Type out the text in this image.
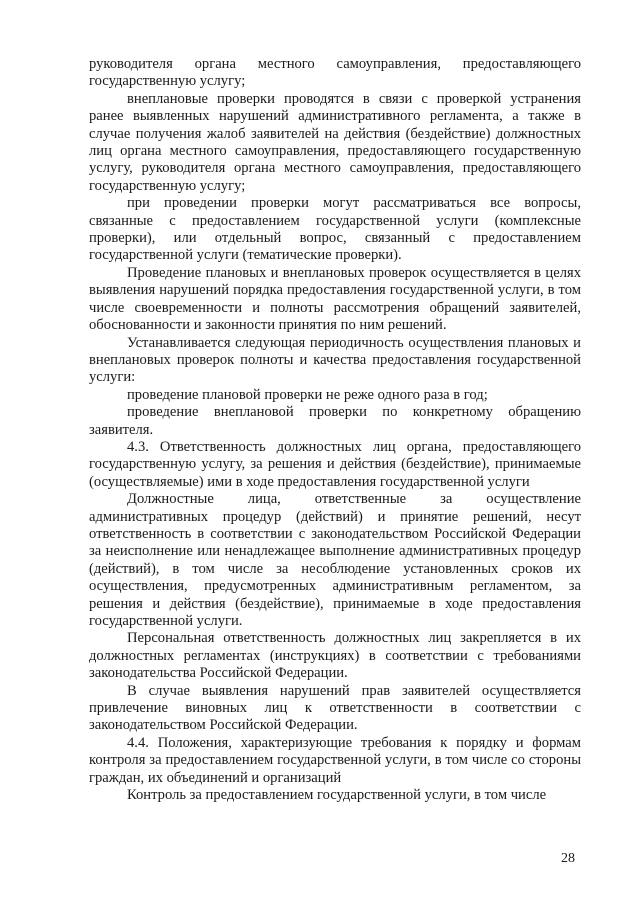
руководителя органа местного самоуправления, предоставляющего государственную услугу;

внеплановые проверки проводятся в связи с проверкой устранения ранее выявленных нарушений административного регламента, а также в случае получения жалоб заявителей на действия (бездействие) должностных лиц органа местного самоуправления, предоставляющего государственную услугу, руководителя органа местного самоуправления, предоставляющего государственную услугу;

при проведении проверки могут рассматриваться все вопросы, связанные с предоставлением государственной услуги (комплексные проверки), или отдельный вопрос, связанный с предоставлением государственной услуги (тематические проверки).

Проведение плановых и внеплановых проверок осуществляется в целях выявления нарушений порядка предоставления государственной услуги, в том числе своевременности и полноты рассмотрения обращений заявителей, обоснованности и законности принятия по ним решений.

Устанавливается следующая периодичность осуществления плановых и внеплановых проверок полноты и качества предоставления государственной услуги:

проведение плановой проверки не реже одного раза в год;

проведение внеплановой проверки по конкретному обращению заявителя.

4.3. Ответственность должностных лиц органа, предоставляющего государственную услугу, за решения и действия (бездействие), принимаемые (осуществляемые) ими в ходе предоставления государственной услуги

Должностные лица, ответственные за осуществление административных процедур (действий) и принятие решений, несут ответственность в соответствии с законодательством Российской Федерации за неисполнение или ненадлежащее выполнение административных процедур (действий), в том числе за несоблюдение установленных сроков их осуществления, предусмотренных административным регламентом, за решения и действия (бездействие), принимаемые в ходе предоставления государственной услуги.

Персональная ответственность должностных лиц закрепляется в их должностных регламентах (инструкциях) в соответствии с требованиями законодательства Российской Федерации.

В случае выявления нарушений прав заявителей осуществляется привлечение виновных лиц к ответственности в соответствии с законодательством Российской Федерации.

4.4. Положения, характеризующие требования к порядку и формам контроля за предоставлением государственной услуги, в том числе со стороны граждан, их объединений и организаций

Контроль за предоставлением государственной услуги, в том числе

28
